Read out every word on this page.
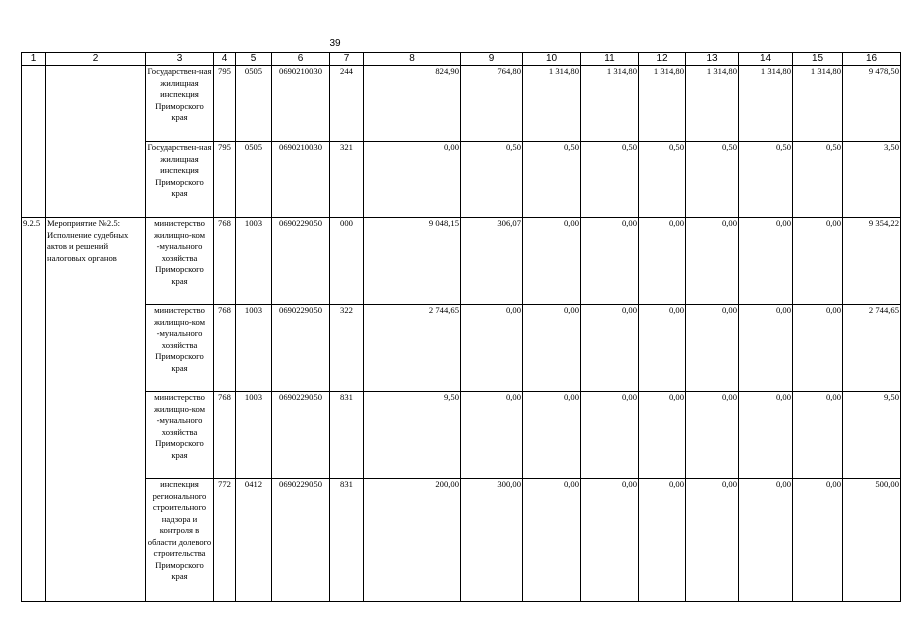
39
1	2	3	4	5	6	7	8	9	10	11	12	13	14	15	16
		Государствен-ная жилищная инспекция Приморского края	795	0505	0690210030	244	824,90	764,80	1 314,80	1 314,80	1 314,80	1 314,80	1 314,80	1 314,80	9 478,50
		Государствен-ная жилищная инспекция Приморского края	795	0505	0690210030	321	0,00	0,50	0,50	0,50	0,50	0,50	0,50	0,50	3,50
9.2.5	Мероприятие №2.5: Исполнение судебных актов и решений налоговых органов	министерство жилищно-ком -мунального хозяйства Приморского края	768	1003	0690229050	000	9 048,15	306,07	0,00	0,00	0,00	0,00	0,00	0,00	9 354,22
		министерство жилищно-ком -мунального хозяйства Приморского края	768	1003	0690229050	322	2 744,65	0,00	0,00	0,00	0,00	0,00	0,00	0,00	2 744,65
		министерство жилищно-ком -мунального хозяйства Приморского края	768	1003	0690229050	831	9,50	0,00	0,00	0,00	0,00	0,00	0,00	0,00	9,50
		инспекция регионального строительного надзора и контроля в области долевого строительства Приморского края	772	0412	0690229050	831	200,00	300,00	0,00	0,00	0,00	0,00	0,00	0,00	500,00
